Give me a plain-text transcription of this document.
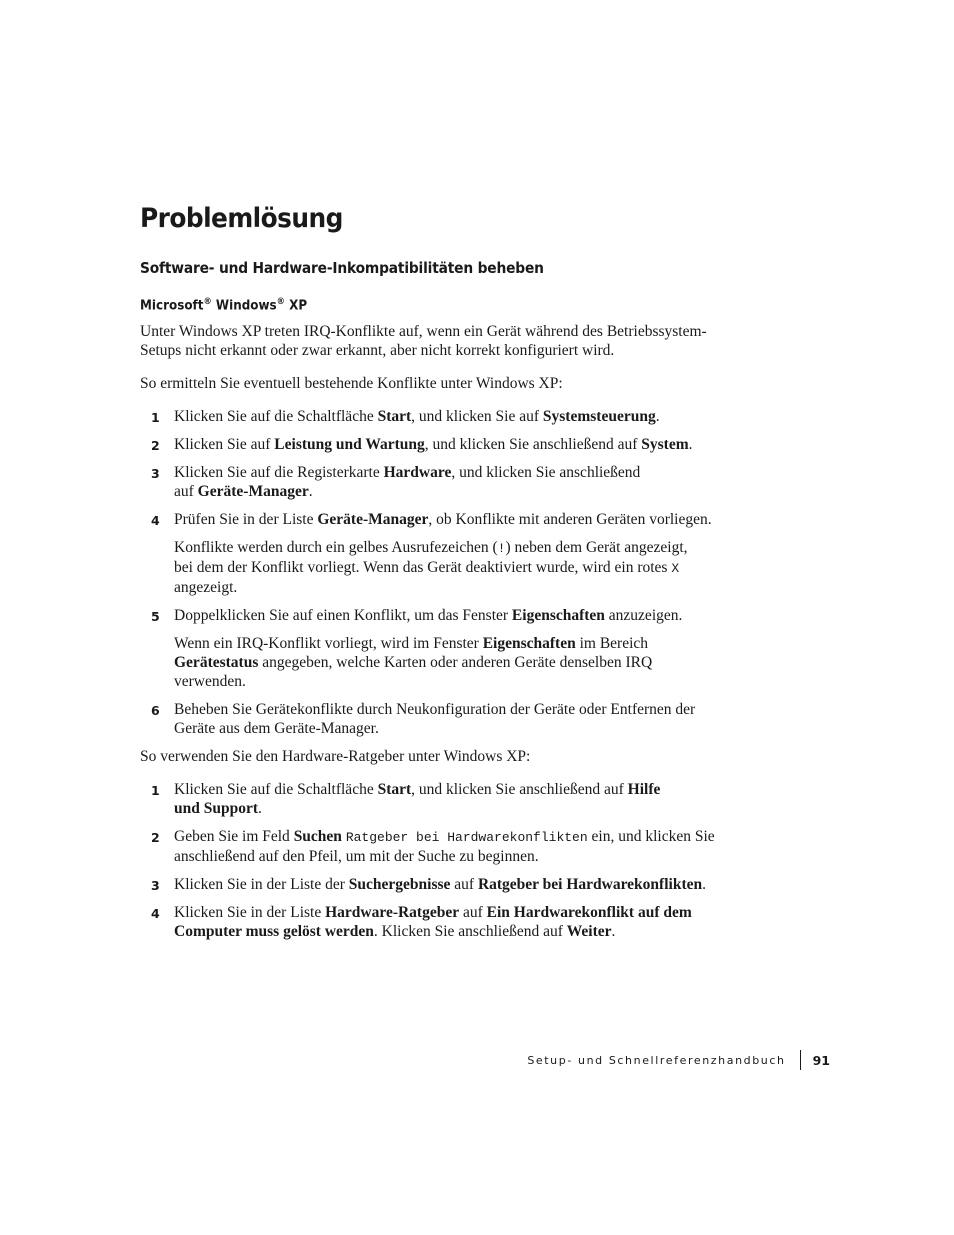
Problemlösung
Software- und Hardware-Inkompatibilitäten beheben
Microsoft® Windows® XP

Unter Windows XP treten IRQ-Konflikte auf, wenn ein Gerät während des Betriebssystem-Setups nicht erkannt oder zwar erkannt, aber nicht korrekt konfiguriert wird.

So ermitteln Sie eventuell bestehende Konflikte unter Windows XP:

1 Klicken Sie auf die Schaltfläche Start, und klicken Sie auf Systemsteuerung.
2 Klicken Sie auf Leistung und Wartung, und klicken Sie anschließend auf System.
3 Klicken Sie auf die Registerkarte Hardware, und klicken Sie anschließend auf Geräte-Manager.
4 Prüfen Sie in der Liste Geräte-Manager, ob Konflikte mit anderen Geräten vorliegen.
Konflikte werden durch ein gelbes Ausrufezeichen (!) neben dem Gerät angezeigt, bei dem der Konflikt vorliegt. Wenn das Gerät deaktiviert wurde, wird ein rotes X angezeigt.
5 Doppelklicken Sie auf einen Konflikt, um das Fenster Eigenschaften anzuzeigen.
Wenn ein IRQ-Konflikt vorliegt, wird im Fenster Eigenschaften im Bereich Gerätestatus angegeben, welche Karten oder anderen Geräte denselben IRQ verwenden.
6 Beheben Sie Gerätekonflikte durch Neukonfiguration der Geräte oder Entfernen der Geräte aus dem Geräte-Manager.

So verwenden Sie den Hardware-Ratgeber unter Windows XP:

1 Klicken Sie auf die Schaltfläche Start, und klicken Sie anschließend auf Hilfe und Support.
2 Geben Sie im Feld Suchen Ratgeber bei Hardwarekonflikten ein, und klicken Sie anschließend auf den Pfeil, um mit der Suche zu beginnen.
3 Klicken Sie in der Liste der Suchergebnisse auf Ratgeber bei Hardwarekonflikten.
4 Klicken Sie in der Liste Hardware-Ratgeber auf Ein Hardwarekonflikt auf dem Computer muss gelöst werden. Klicken Sie anschließend auf Weiter.
Setup- und Schnellreferenzhandbuch 91
